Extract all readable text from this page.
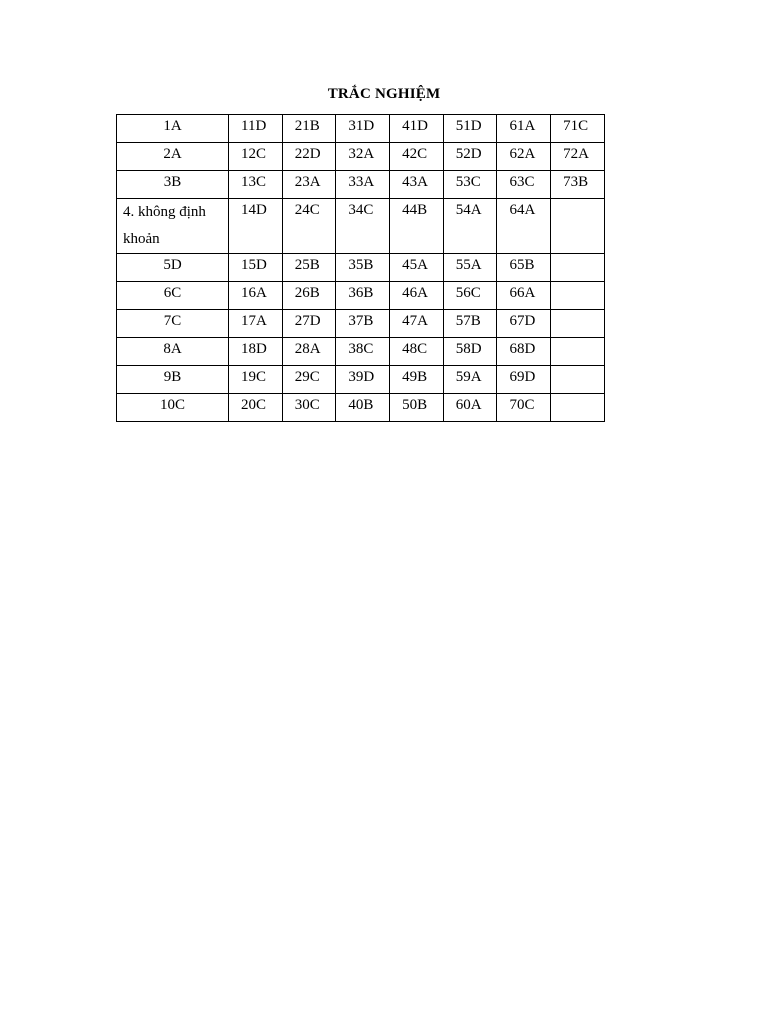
TRẮC NGHIỆM
1A	11D	21B	31D	41D	51D	61A	71C
2A	12C	22D	32A	42C	52D	62A	72A
3B	13C	23A	33A	43A	53C	63C	73B
4. không định khoản	14D	24C	34C	44B	54A	64A	
5D	15D	25B	35B	45A	55A	65B	
6C	16A	26B	36B	46A	56C	66A	
7C	17A	27D	37B	47A	57B	67D	
8A	18D	28A	38C	48C	58D	68D	
9B	19C	29C	39D	49B	59A	69D	
10C	20C	30C	40B	50B	60A	70C	
